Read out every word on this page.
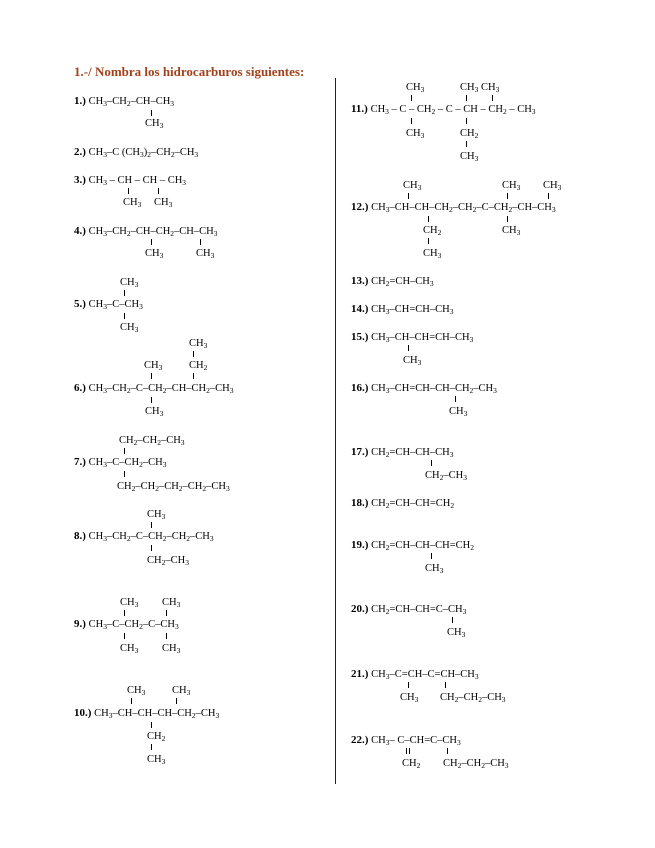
1.-/ Nombra los hidrocarburos siguientes:
1.) $CH_3-CH_2-CH-CH_3$
$CH_3$
2.) $CH_3-C$ $(CH_3)_2-CH_2-CH_3$
3.) $CH_3$ – CH – CH – $CH_3$
$CH_3$ $CH_3$
4.) $CH_3-CH_2-CH-CH_2-CH-CH_3$
$CH_3$	$CH_3$
$CH_3$
5.) $CH_3-C-CH_3$
$CH_3$
$CH_3$
$CH_3$	$CH_2$
6.) $CH_3-CH_2-C-CH_2-CH-CH_2-CH_3$
$CH_3$
$CH_2-CH_2-CH_3$
7.) $CH_3-C-CH_2-CH_3$
$CH_2-CH_2-CH_2-CH_2-CH_3$
$CH_3$
8.) $CH_3-CH_2-C-CH_2-CH_2-CH_3$
$CH_2-CH_3$
$CH_3$ $CH_3$
9.) $CH_3-C-CH_2-C-CH_3$
$CH_3$ $CH_3$
$CH_3$	$CH_3$
10.) $CH_3-CH-CH-CH-CH_2-CH_3$
$CH_2$
$CH_3$
$CH_3$	$CH_3$ $CH_3$
11.) $CH_3$ – C – $CH_2$ – C – CH – $CH_2 - CH_3$
$CH_3$	$CH_2$
$CH_3$
$CH_3$	$CH_3$ $CH_3$
12.) $CH_3-CH-CH-CH_2-CH_2-C-CH_2-CH-CH_3$
$CH_2$	$CH_3$
$CH_3$
13.) $CH_2=CH-CH_3$
14.) $CH_3-CH=CH-CH_3$
15.) $CH_3-CH-CH=CH-CH_3$
$CH_3$
16.) $CH_3-CH=CH-CH-CH_2-CH_3$
$CH_3$
17.) $CH_2=CH-CH-CH_3$
$CH_2-CH_3$
18.) $CH_2=CH-CH=CH_2$
19.) $CH_2=CH-CH-CH=CH_2$
$CH_3$
20.) $CH_2=CH-CH=C-CH_3$
$CH_3$
21.) $CH_3-C=CH-C=CH-CH_3$
$CH_3$ $CH_2-CH_2-CH_3$
22.) $CH_3-$ $C-CH=C-CH_3$
$CH_2$ $CH_2-CH_2-CH_3$
